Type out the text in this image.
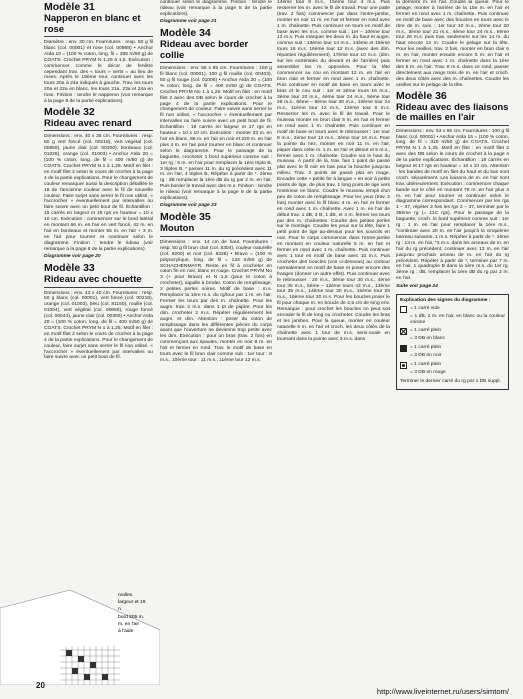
Modèle 31
Napperon en blanc et rose
Diamètre : env. 30 cm. Fournitures : resp. 50 g fil blanc (col. 00001) et rose (col. 00968) • Anchor Aïda 10 = (100 % coton, long. fil = 265 m/50 g) de COATS. Crochet PRYM N 1,25 à 1,5. Exécution : commencer comme le décor de fenêtre cependant trav. des « tours » verts = au lieu de roses. Après le 19ème tour, continuer avec les tours 20a à 24a indiqués à gauche. Trav. les tours 20a et 22a en blanc, les tours 21a, 23a et 24a en rose. Finition : tendre le napperon (voir remarque à la page 8 de la partie explications).
Modèle 32
Rideau avec renard
Dimensions : env. 40 x 35 cm. Fournitures : resp. 50 g vert foncé (col. 00218), vert végétal (col. 00859), jaune clair (col. 00300), bordeaux (col. 01026), orange (col. 01003) • Anchor Aïda 20 = (100 % coton, long. de fil = 400 m/50 g) de COATS. Crochet PRYM N 1 à 1,25. Motif en filet : en motif filet 2 selon le cours de crochet à la page 4 de la partie explications. Pour le changement de couleur remarquer aussi la description détaillée le 16 de l'ancienne couleur avec le fil de nouvelle couleur. Faire surjet sans serrer le fil non utilisé, « l'accrocher » éventuellement par intervalles ou faire suivre avec un petit bout de fil. Échantillon : 16 carrés en largeur et 19 rgs en hauteur = 10 x 10 cm. Exécution : commencer sur le bord latéral en montant 66 m. en l'air en vert foncé, 42 m. en l'air en bordeaux et monter 55 m. en l'air + 3 m. en l'air pour tourner et continuer selon le diagramme. Finition : tendre le rideau (voir remarque à la page 8 de la partie explications).
Diagramme voir page 20
Modèle 33
Rideau avec chouette
Dimensions : env. 43 x 40 cm. Fournitures : resp. 50 g blanc (col. 00001), vert foncé (col. 00218), orange (col. 01003), bleu (col. 81150), rouille (col. 01004), vert végétal (col. 00859), rouge foncé (col. 00044), jaune clair (col. 00300) • Anchor Aïda 20 = (100 % coton, long. de fil = 400 m/50 g) de COATS. Crochet PRYM N 1 à 1,25. Motif en filet : en motif filet 2 selon le cours de crochet à la page 4 de la partie explications. Pour le changement de couleur, faire surjet sans serrer le fil non utilisé, « l'accrocher » éventuellement par intervalles ou faire suivre avec un petit bout de fil.
rvalles.
largeur et 19
n.
bord 205 m.
m. en l'air
à l'aide
continuer selon le diagramme. Finition : tendre le rideau (voir remarque à la page 8 de la partie explications).
Diagramme voir page 21
Modèle 34
Rideau avec border collie
Dimensions : env. 56 x 85 cm. Fournitures : 150 g fil blanc (col. 00001), 100 g fil rouille (col. 00403), 50 g fil rouge (col. 01006) • Anchor Aïda 20 = (100 % coton, long. de fil = 400 m/50 g) de COATS. Crochet PRYM No 1 à 1,25. Motif en filet : en motif filet 2 avec des DB selon le cours de crochet à la page 4 de la partie explications. Pour le changement de couleur. Faire suivre sans serrer le fil non utilisé, « l'accrocher » éventuellement par intervalles ou faire suivre avec un petit bout de fil. Échantillon : 19 carrés en largeur et 17 rgs en hauteur = 10 x 10 cm. Exécution : monter 33 m. en l'air en blanc, 66 m. en l'air en noir et 220 m. en l'air plus 4 m. en l'air pour tourner en blanc et continuer selon le diagramme. Pour le passage de la baguette, crocheter 1 bord supérieur comme suit : 1er rg : 5 m. en l'air pour remplacer la 1ère triple B, 3 triples B, * passer 11 m. du rg précédent avec 11 m. en l'air, 4 triples B. Répéter à partir de *. 2ème rg : dB remplacer la 1ère dB du rg par 2 m. en l'air. Puis border le travail avec des m.s. Finition : tendre le rideau (voir remarque à la page 8 de la partie explications).
Diagramme voir page 23
Modèle 35
Mouton
Dimensions : env. 14 cm de haut. Fournitures : resp. 50 g fil brun clair (col. 8304), couleur naturelle (col. 8200) et noir (col. 8226) • Bravo = (100 % polyacrylique, long. de fil = 133 m/50 g) de SCHACHENMAYR. Reste en fil à crocheter en coton fin en noir, blanc et rouge. Crochet PRYM No 3 (+ pour Bravo) et N 1,5 (pour le coton à crocheter), aiguille à broder. Coton de remplissage, 2 petites perles noires. Motif de base : m.s. Remplacer la 1ère m.s. du rg/tour par 1 m. en l'air. Fermer les tours par des m. chaînette. Pour les augm. trav. 2 m.s. dans 1 pt de piqûre. Pour les dim. crocheter 2 m.s. Répéter régulièrement les augm. et dim. Attention : poser du coton de remplissage dans les différentes pièces du corps avant que l'ouverture ne devienne trop petite avec les dim. Exécution : pour un bras (trav. 2 fois) en commençant aux épaules, monter en noir 8 m. en l'air et fermer en rond. Trav. le motif de base en tours avec le fil brun clair comme suit : 1er tour : 8 m.s., 10ème tour : 11 m.s., 11ème tour 12 m.s.
14ème tour 8 m.s., 15ème tour 4 m.s. Puis resserrer les m. avec le fil de travail. Pour une patte (trav. 2 fois) commencer par dans l'entre-jambe, monter en noir 11 m. en l'air et fermer en rond avec 1 m. chaînette. Puis continuer en tours en motif de base avec les m.s. comme suit : 1er – 10ème tour 12 m.s. Puis marquer les deux m. du haut et augm. comme suit : 13ème tour 14 m.s., 14ème et 15ème tours 16 m.s. 16ème tour 12 m.s. (avec des dim. réparties régulièrement), 17ème tour 10 m.s. (dim. sur les extrémités du devant et de l'arrière) puis assembler les m. opposées. Pour la tête commencer au cou en montant 12 m. en l'air en brun clair et fermer en rond avec 1 m. chaînette. Puis continuer en motif de base en tours avec le bras et le cou suit : 1er et 2ème tours 16 m.s., 3ème tour 20 m.s., 4ème tour 24 m.s., 5ème tour 28 m.s., 6ème – 9ème tour 30 m.s., 10ème tour 24 m.s., 11ème tour 12 m.s., 12ème tour 6 m.s. Resserrer les m. avec le fil de travail. Pour le museau monter en brun clair 5 m. en l'air et fermer en rond avec 1 m. chaînette. Puis continuer en motif de base en tours avec le rebrousser : 1er tour 8 m.s., 2ème tour 12 m.s., 3ème tour 16 m.s. Pour la pointe du nez, monter en noir 11 m. en l'air, piquer dans cette m. 1 m. en l'air et détout et 5 m.s., fermer avec 1 m. chaînette. Coudre sur le haut du museau. À partir de là, trav. fais 1 point de passé plat avec le fil noir en bas pour la bouche jusqu'au milieu. Trav. 3 points de passé plat en rouge. Encadre cette « petite fer à langue » en noir à petits points de tige, de plus trav. 1 long point de tige vers l'extérieur en blanc. Coudre le museau rempli d'un peu de coton de remplissage. Pour les yeux (trav. 2 fois) monter avec le fil blanc 4 m. en l'air et fermer en rond avec 1 m. chaînette. Avec 1 m. en l'air de début trav. 1 dB, 3 B, 1 dB, et 4 m. fermer les tours par des m. chaînettes. Coudre des petites perles sur le montage. Coudre les yeux sur la tête, faire 1 petit point de tige au-dessus pour les sourcils en noir. Pour le corps commencer dans l'entre-jambe en montant en couleur naturelle 5 m. en l'air et fermer en rond avec 1 m. chaînette. Puis continuer avec 1 tour en motif de base avec 10 m.s. Puis crocheter des boucles (voir ci-dessous) au contour normalement en motif de base et poser encore des franges (donner un autre effet). Puis continuer avec le rebrousser : 20 m.s., 3ème tour 30 m.s., 4ème tour 35 m.s., 5ème – 12ème tours 42 m.s., 13ème tour 35 m.s., 14ème tour 30 m.s., 15ème tour 25 m.s., 16ème tour 20 m.s. Pour les boucles poser le fil pour chaque m. en boucle de 2,5 cm de long env. Remarque : pour crochet les boucles on peut soit enrouler le fil de long ou crocheter. Coudre les bras et les jambes. Pour la queue, monter en couleur naturelle 6 m. en l'air et croch. les deux côtés de la chaînette avec 1 tour de m.s. semi-ovale en tournant dans la pointe avec 3 m.s. dans
la dernière m. en l'air. Coudre la queue. Pour le pelage, monter à l'arrière de la 15e m. en l'air et fermer en rond avec 1 m. chaînette. Puis continuer en motif de base avec des boucles en tours avec le rbre de m. suiv. : 1er tour 10 m.s., 2ème tour 20 m.s., 3ème tour 21 m.s., 4ème tour 24 m.s., 5ème tour 26 m.s. puis trav. seulement sur les 14 m. du haut encore 14 m. Coudre le pelage sur la tête. Pour les oreilles, trav. 2 fois, monter en brun clair 6 m. en l'air, monter ensuite encore 5 m. en l'air et fermer en rond avec 1 m. chaînette dans la 1ère des 5 m. en l'air. Trav. 8 m.s. dans ce rond, passer directement aux rangs trois de m. en l'air et croch. des deux côtés avec des m. chaînettes. Coudre les oreilles sur le pelage de la tête.
Modèle 36
Rideau avec des liaisons de mailles en l'air
Dimensions : env. 53 x 65 cm. Fournitures : 100 g fil blanc (col. 00001) • Anchor Aïda 15 = (100 % coton, long. de fil = 310 m/50 g) de COATS. Crochet PRYM N 1 à 1,25. Motif en filet : en motif filet 2 avec des DB selon le cours de crochet à la page 4 de la partie explications. Échantillon : 18 carrés en largeur et 17 rgs en hauteur = 10 x 10 cm. Attention : les bandes de motif en filet du haut et du bas sont croch. séparément. Les liaisons de m. en l'air sont trav. ultérieurement. Exécution : commencer chaque bande sur le côté en montant 78 m. en l'air plus 4 m. en l'air pour tourner et continuer selon le diagramme correspondant. Commencer par les rgs 1 – 37, répéter 2 fois les rgs 2 – 37, terminer par le 38ème rg (= 11C rgs). Pour le passage de la baguette, croch. le bord supérieur comme suit : 1er rg : 1 m. en l'air pour remplacer la 1ère m.s., *continuer avec 20 m. en l'air jusqu'à la cinquième barreau suivante, 1 m.s. Répéter à partir de *. 2ème rg : 13 m. en l'air, *3 m.s. dans les arceaux de m. en l'air du rg précédent, continuer avec 13 m. en l'air jusqu'au prochain arceau de m. en l'air du rg précédent. Répéter à partir de *, terminer par 7 m. en l'air, 1 quadruple B dans la 1ère m.s. du 1er rg. 3ème rg : dB, remplacer la 1ère dB du rg par 2 m. en l'air.
Suite voir page 24
Explication des signes du diagramme :
= 1 carré vide
= 1 dB, 2 m. en l'air, en blanc ou la couleur voisine
= 1 carré plein
= 3 DB en blanc
= 1 carré plein
= 3 DB en noir
= 1 carré plein
= 3 DB en rouge
Terminer le dernier carré du rg par 1 DB suppl.
20
http://www.liveinternet.ru/users/simtom/
